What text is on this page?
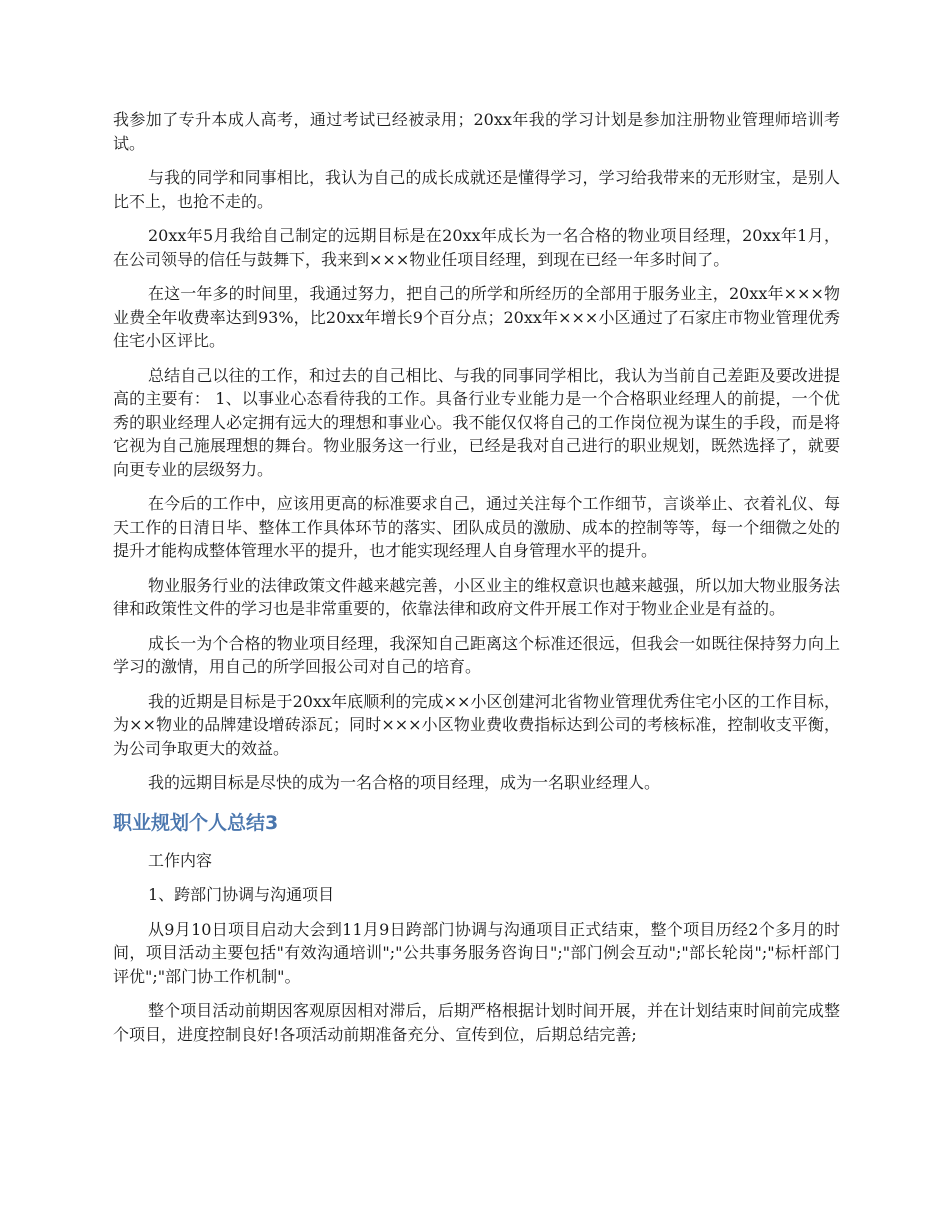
我参加了专升本成人高考，通过考试已经被录用；20xx年我的学习计划是参加注册物业管理师培训考试。

与我的同学和同事相比，我认为自己的成长成就还是懂得学习，学习给我带来的无形财宝，是别人比不上，也抢不走的。

20xx年5月我给自己制定的远期目标是在20xx年成长为一名合格的物业项目经理，20xx年1月，在公司领导的信任与鼓舞下，我来到×××物业任项目经理，到现在已经一年多时间了。

在这一年多的时间里，我通过努力，把自己的所学和所经历的全部用于服务业主，20xx年×××物业费全年收费率达到93%，比20xx年增长9个百分点；20xx年×××小区通过了石家庄市物业管理优秀住宅小区评比。

总结自己以往的工作，和过去的自己相比、与我的同事同学相比，我认为当前自己差距及要改进提高的主要有： 1、以事业心态看待我的工作。具备行业专业能力是一个合格职业经理人的前提，一个优秀的职业经理人必定拥有远大的理想和事业心。我不能仅仅将自己的工作岗位视为谋生的手段，而是将它视为自己施展理想的舞台。物业服务这一行业，已经是我对自己进行的职业规划，既然选择了，就要向更专业的层级努力。

在今后的工作中，应该用更高的标准要求自己，通过关注每个工作细节，言谈举止、衣着礼仪、每天工作的日清日毕、整体工作具体环节的落实、团队成员的激励、成本的控制等等，每一个细微之处的提升才能构成整体管理水平的提升，也才能实现经理人自身管理水平的提升。

物业服务行业的法律政策文件越来越完善，小区业主的维权意识也越来越强，所以加大物业服务法律和政策性文件的学习也是非常重要的，依靠法律和政府文件开展工作对于物业企业是有益的。

成长一为个合格的物业项目经理，我深知自己距离这个标准还很远，但我会一如既往保持努力向上学习的激情，用自己的所学回报公司对自己的培育。

我的近期是目标是于20xx年底顺利的完成××小区创建河北省物业管理优秀住宅小区的工作目标，为××物业的品牌建设增砖添瓦；同时×××小区物业费收费指标达到公司的考核标准，控制收支平衡，为公司争取更大的效益。

我的远期目标是尽快的成为一名合格的项目经理，成为一名职业经理人。

职业规划个人总结3

工作内容

1、跨部门协调与沟通项目

从9月10日项目启动大会到11月9日跨部门协调与沟通项目正式结束，整个项目历经2个多月的时间，项目活动主要包括"有效沟通培训";"公共事务服务咨询日";"部门例会互动";"部长轮岗";"标杆部门评优";"部门协工作机制"。

整个项目活动前期因客观原因相对滞后，后期严格根据计划时间开展，并在计划结束时间前完成整个项目，进度控制良好!各项活动前期准备充分、宣传到位，后期总结完善;
